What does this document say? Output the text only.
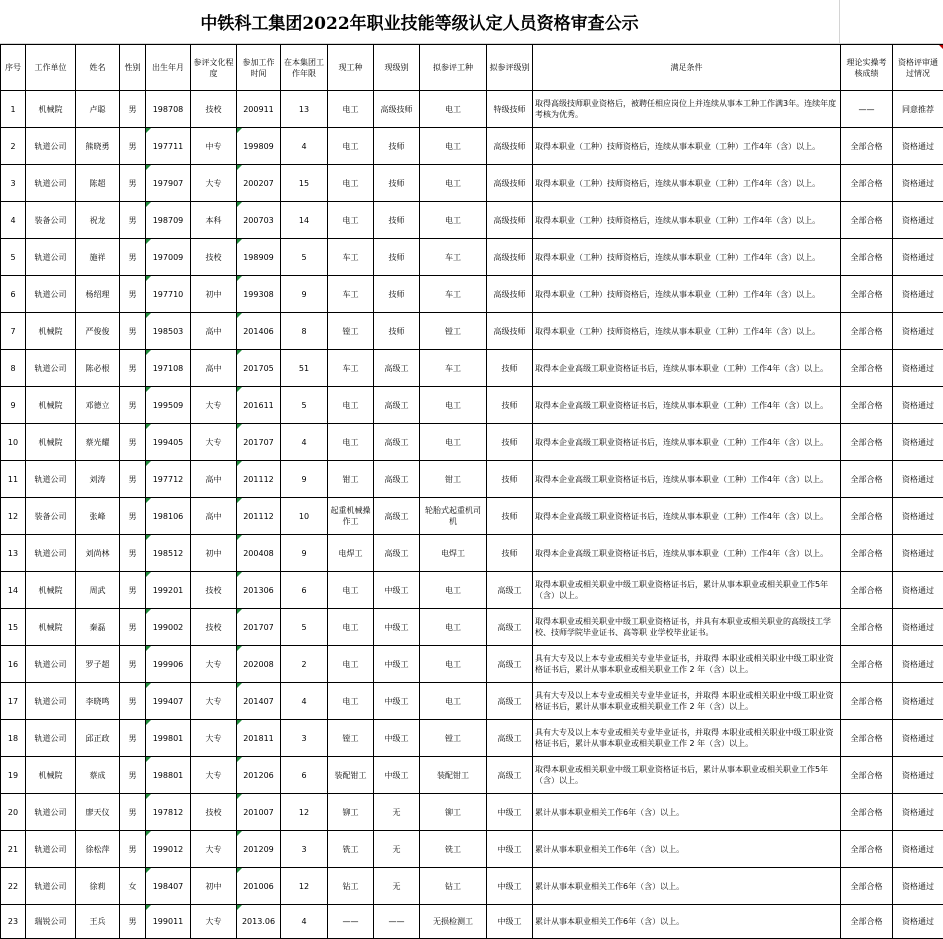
中铁科工集团2022年职业技能等级认定人员资格审查公示
序号	工作单位	姓名	性别	出生年月	参评文化程度	参加工作时间	在本集团工作年限	现工种	现级别	拟参评工种	拟参评级别	满足条件	理论实操考核成绩	资格评审通过情况
1	机械院	卢聪	男	198708	技校	200911	13	电工	高级技师	电工	特级技师	取得高级技师职业资格后，被聘任相应岗位上并连续从事本工种工作满3年。连续年度考核为优秀。	——	同意推荐
2	轨道公司	熊晓勇	男	197711	中专	199809	4	电工	技师	电工	高级技师	取得本职业（工种）技师资格后，连续从事本职业（工种）工作4年（含）以上。	全部合格	资格通过
3	轨道公司	陈超	男	197907	大专	200207	15	电工	技师	电工	高级技师	取得本职业（工种）技师资格后，连续从事本职业（工种）工作4年（含）以上。	全部合格	资格通过
4	装备公司	祝龙	男	198709	本科	200703	14	电工	技师	电工	高级技师	取得本职业（工种）技师资格后，连续从事本职业（工种）工作4年（含）以上。	全部合格	资格通过
5	轨道公司	施祥	男	197009	技校	198909	5	车工	技师	车工	高级技师	取得本职业（工种）技师资格后，连续从事本职业（工种）工作4年（含）以上。	全部合格	资格通过
6	轨道公司	杨绍理	男	197710	初中	199308	9	车工	技师	车工	高级技师	取得本职业（工种）技师资格后，连续从事本职业（工种）工作4年（含）以上。	全部合格	资格通过
7	机械院	严俊俊	男	198503	高中	201406	8	镗工	技师	镗工	高级技师	取得本职业（工种）技师资格后，连续从事本职业（工种）工作4年（含）以上。	全部合格	资格通过
8	轨道公司	陈必根	男	197108	高中	201705	51	车工	高级工	车工	技师	取得本企业高级工职业资格证书后，连续从事本职业（工种）工作4年（含）以上。	全部合格	资格通过
9	机械院	邓德立	男	199509	大专	201611	5	电工	高级工	电工	技师	取得本企业高级工职业资格证书后，连续从事本职业（工种）工作4年（含）以上。	全部合格	资格通过
10	机械院	蔡光耀	男	199405	大专	201707	4	电工	高级工	电工	技师	取得本企业高级工职业资格证书后，连续从事本职业（工种）工作4年（含）以上。	全部合格	资格通过
11	轨道公司	刘涛	男	197712	高中	201112	9	钳工	高级工	钳工	技师	取得本企业高级工职业资格证书后，连续从事本职业（工种）工作4年（含）以上。	全部合格	资格通过
12	装备公司	张峰	男	198106	高中	201112	10	起重机械操作工	高级工	轮胎式起重机司机	技师	取得本企业高级工职业资格证书后，连续从事本职业（工种）工作4年（含）以上。	全部合格	资格通过
13	轨道公司	刘尚林	男	198512	初中	200408	9	电焊工	高级工	电焊工	技师	取得本企业高级工职业资格证书后，连续从事本职业（工种）工作4年（含）以上。	全部合格	资格通过
14	机械院	周武	男	199201	技校	201306	6	电工	中级工	电工	高级工	取得本职业或相关职业中级工职业资格证书后，累计从事本职业或相关职业工作5年（含）以上。	全部合格	资格通过
15	机械院	秦磊	男	199002	技校	201707	5	电工	中级工	电工	高级工	取得本职业或相关职业中级工职业资格证书，并具有本职业或相关职业的高级技工学校、技师学院毕业证书、高等职 业学校毕业证书。	全部合格	资格通过
16	轨道公司	罗子超	男	199906	大专	202008	2	电工	中级工	电工	高级工	具有大专及以上本专业或相关专业毕业证书，并取得 本职业或相关职业中级工职业资格证书后，累计从事本职业或相关职业工作 2 年（含）以上。	全部合格	资格通过
17	轨道公司	李晓鸣	男	199407	大专	201407	4	电工	中级工	电工	高级工	具有大专及以上本专业或相关专业毕业证书，并取得 本职业或相关职业中级工职业资格证书后，累计从事本职业或相关职业工作 2 年（含）以上。	全部合格	资格通过
18	轨道公司	邱正政	男	199801	大专	201811	3	镗工	中级工	镗工	高级工	具有大专及以上本专业或相关专业毕业证书，并取得 本职业或相关职业中级工职业资格证书后，累计从事本职业或相关职业工作 2 年（含）以上。	全部合格	资格通过
19	机械院	蔡成	男	198801	大专	201206	6	装配钳工	中级工	装配钳工	高级工	取得本职业或相关职业中级工职业资格证书后，累计从事本职业或相关职业工作5年（含）以上。	全部合格	资格通过
20	轨道公司	廖天仪	男	197812	技校	201007	12	铆工	无	铆工	中级工	累计从事本职业相关工作6年（含）以上。	全部合格	资格通过
21	轨道公司	徐松萍	男	199012	大专	201209	3	铣工	无	铣工	中级工	累计从事本职业相关工作6年（含）以上。	全部合格	资格通过
22	轨道公司	徐莉	女	198407	初中	201006	12	钻工	无	钻工	中级工	累计从事本职业相关工作6年（含）以上。	全部合格	资格通过
23	瑞锐公司	王兵	男	199011	大专	2013.06	4	——	——	无损检测工	中级工	累计从事本职业相关工作6年（含）以上。	全部合格	资格通过
